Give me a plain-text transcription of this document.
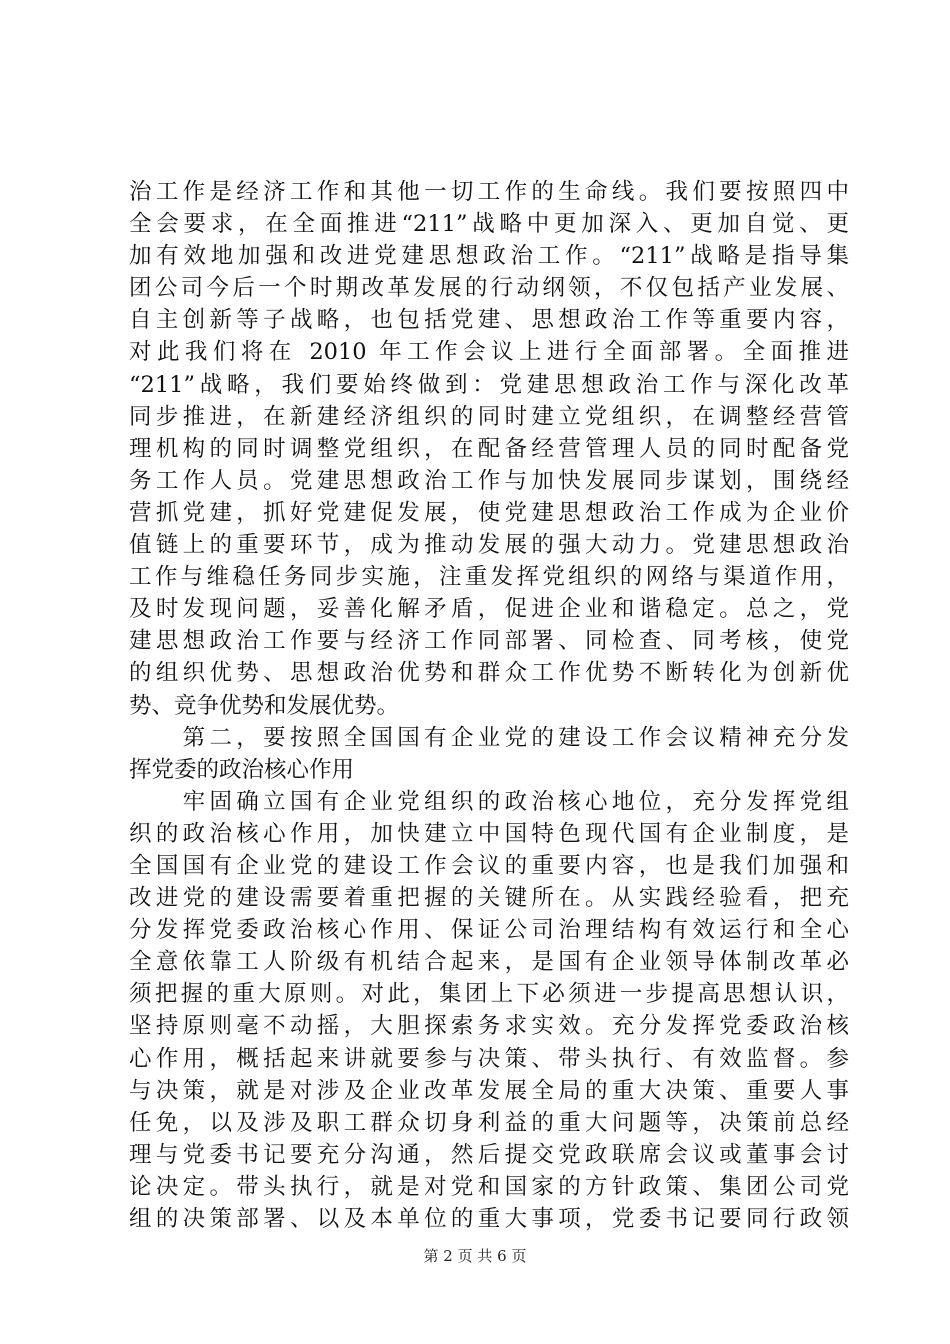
治工作是经济工作和其他一切工作的生命线。我们要按照四中
全会要求，在全面推进“211”战略中更加深入、更加自觉、更
加有效地加强和改进党建思想政治工作。“211”战略是指导集
团公司今后一个时期改革发展的行动纲领，不仅包括产业发展、
自主创新等子战略，也包括党建、思想政治工作等重要内容，
对此我们将在 2010 年工作会议上进行全面部署。全面推进
“211”战略，我们要始终做到：党建思想政治工作与深化改革
同步推进，在新建经济组织的同时建立党组织，在调整经营管
理机构的同时调整党组织，在配备经营管理人员的同时配备党
务工作人员。党建思想政治工作与加快发展同步谋划，围绕经
营抓党建，抓好党建促发展，使党建思想政治工作成为企业价
值链上的重要环节，成为推动发展的强大动力。党建思想政治
工作与维稳任务同步实施，注重发挥党组织的网络与渠道作用，
及时发现问题，妥善化解矛盾，促进企业和谐稳定。总之，党
建思想政治工作要与经济工作同部署、同检查、同考核，使党
的组织优势、思想政治优势和群众工作优势不断转化为创新优
势、竞争优势和发展优势。
　　第二，要按照全国国有企业党的建设工作会议精神充分发
挥党委的政治核心作用
　　牢固确立国有企业党组织的政治核心地位，充分发挥党组
织的政治核心作用，加快建立中国特色现代国有企业制度，是
全国国有企业党的建设工作会议的重要内容，也是我们加强和
改进党的建设需要着重把握的关键所在。从实践经验看，把充
分发挥党委政治核心作用、保证公司治理结构有效运行和全心
全意依靠工人阶级有机结合起来，是国有企业领导体制改革必
须把握的重大原则。对此，集团上下必须进一步提高思想认识，
坚持原则毫不动摇，大胆探索务求实效。充分发挥党委政治核
心作用，概括起来讲就要参与决策、带头执行、有效监督。参
与决策，就是对涉及企业改革发展全局的重大决策、重要人事
任免，以及涉及职工群众切身利益的重大问题等，决策前总经
理与党委书记要充分沟通，然后提交党政联席会议或董事会讨
论决定。带头执行，就是对党和国家的方针政策、集团公司党
组的决策部署、以及本单位的重大事项，党委书记要同行政领
第 2 页 共 6 页
